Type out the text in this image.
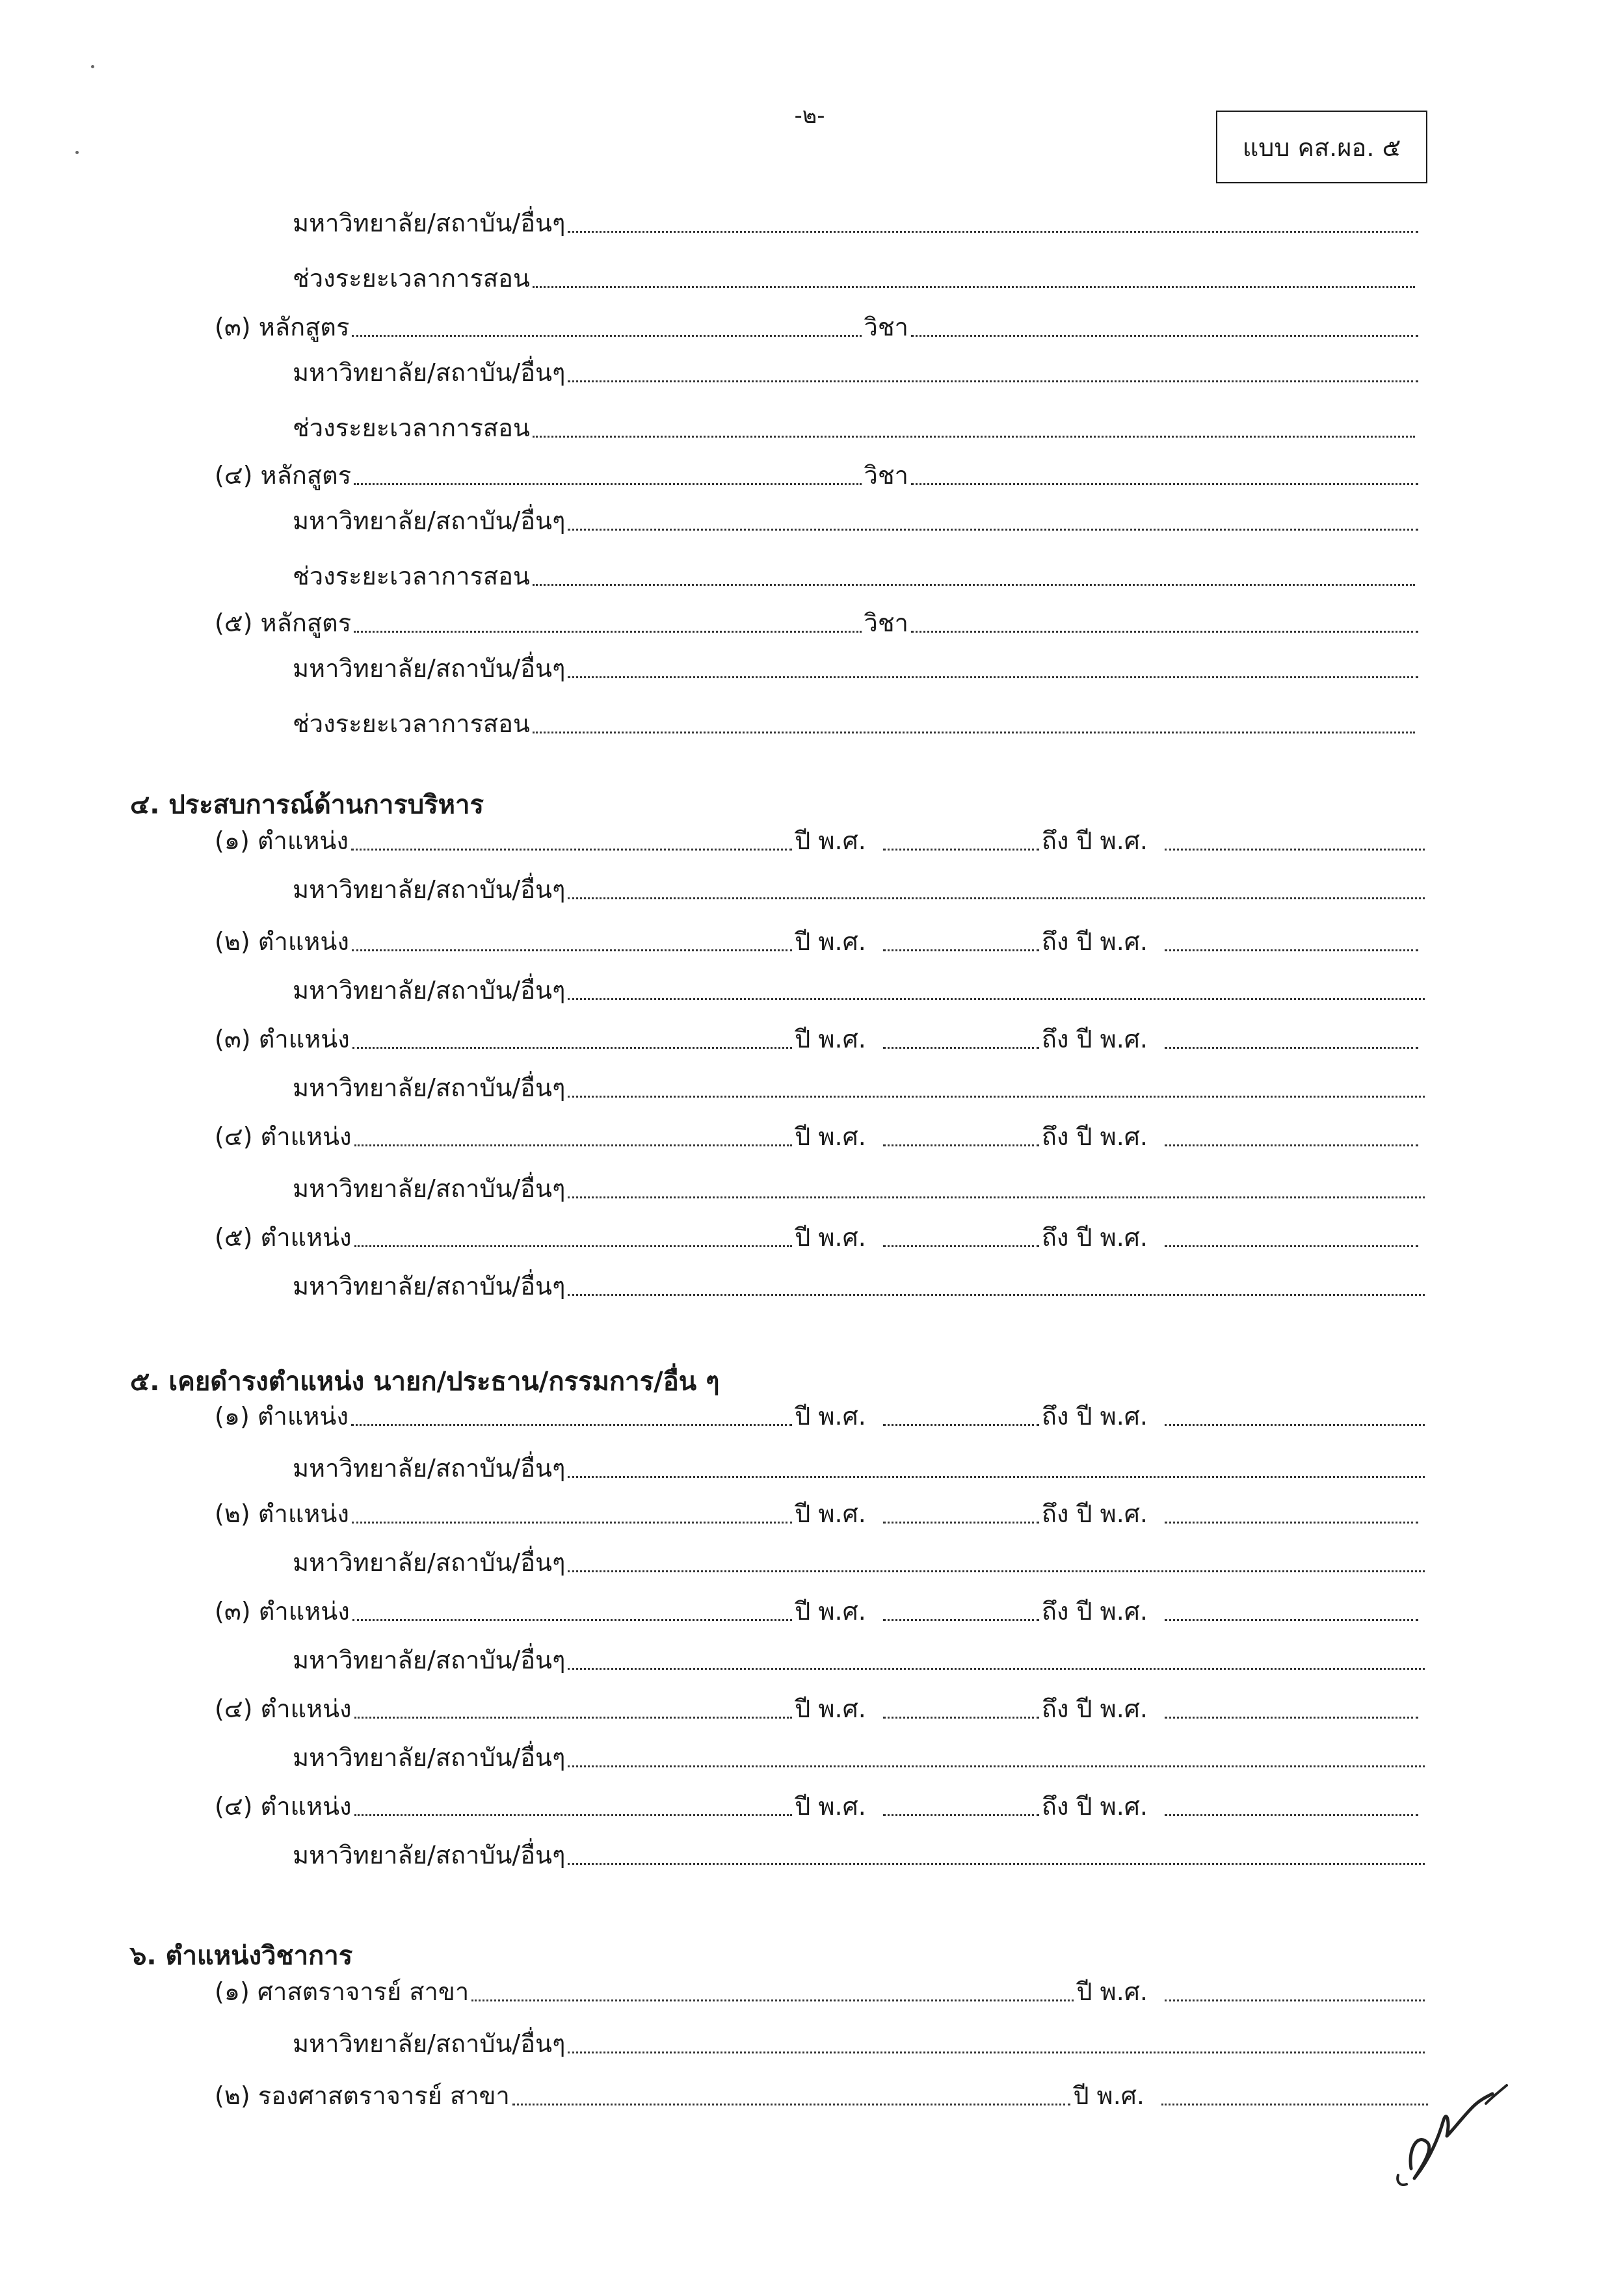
-๒-
แบบ คส.ผอ. ๕
มหาวิทยาลัย/สถาบัน/อื่นๆ
ช่วงระยะเวลาการสอน
(๓)
หลักสูตร	วิชา
มหาวิทยาลัย/สถาบัน/อื่นๆ
ช่วงระยะเวลาการสอน
(๔)
หลักสูตร	วิชา
มหาวิทยาลัย/สถาบัน/อื่นๆ
ช่วงระยะเวลาการสอน
(๕)
หลักสูตร	วิชา
มหาวิทยาลัย/สถาบัน/อื่นๆ
ช่วงระยะเวลาการสอน
๔. ประสบการณ์ด้านการบริหาร
(๑)
ตำแหน่ง	ปี พ.ศ.	ถึง ปี พ.ศ.
มหาวิทยาลัย/สถาบัน/อื่นๆ
(๒)
ตำแหน่ง	ปี พ.ศ.	ถึง ปี พ.ศ.
มหาวิทยาลัย/สถาบัน/อื่นๆ
(๓)
ตำแหน่ง	ปี พ.ศ.	ถึง ปี พ.ศ.
มหาวิทยาลัย/สถาบัน/อื่นๆ
(๔)
ตำแหน่ง	ปี พ.ศ.	ถึง ปี พ.ศ.
มหาวิทยาลัย/สถาบัน/อื่นๆ
(๕)
ตำแหน่ง	ปี พ.ศ.	ถึง ปี พ.ศ.
มหาวิทยาลัย/สถาบัน/อื่นๆ
๕. เคยดำรงตำแหน่ง นายก/ประธาน/กรรมการ/อื่น ๆ
(๑)
ตำแหน่ง	ปี พ.ศ.	ถึง ปี พ.ศ.
มหาวิทยาลัย/สถาบัน/อื่นๆ
(๒)
ตำแหน่ง	ปี พ.ศ.	ถึง ปี พ.ศ.
มหาวิทยาลัย/สถาบัน/อื่นๆ
(๓)
ตำแหน่ง	ปี พ.ศ.	ถึง ปี พ.ศ.
มหาวิทยาลัย/สถาบัน/อื่นๆ
(๔)
ตำแหน่ง	ปี พ.ศ.	ถึง ปี พ.ศ.
มหาวิทยาลัย/สถาบัน/อื่นๆ
(๔)
ตำแหน่ง	ปี พ.ศ.	ถึง ปี พ.ศ.
มหาวิทยาลัย/สถาบัน/อื่นๆ
๖. ตำแหน่งวิชาการ
(๑)
ศาสตราจารย์ สาขา	ปี พ.ศ.
มหาวิทยาลัย/สถาบัน/อื่นๆ
(๒)
รองศาสตราจารย์ สาขา	ปี พ.ศ.
